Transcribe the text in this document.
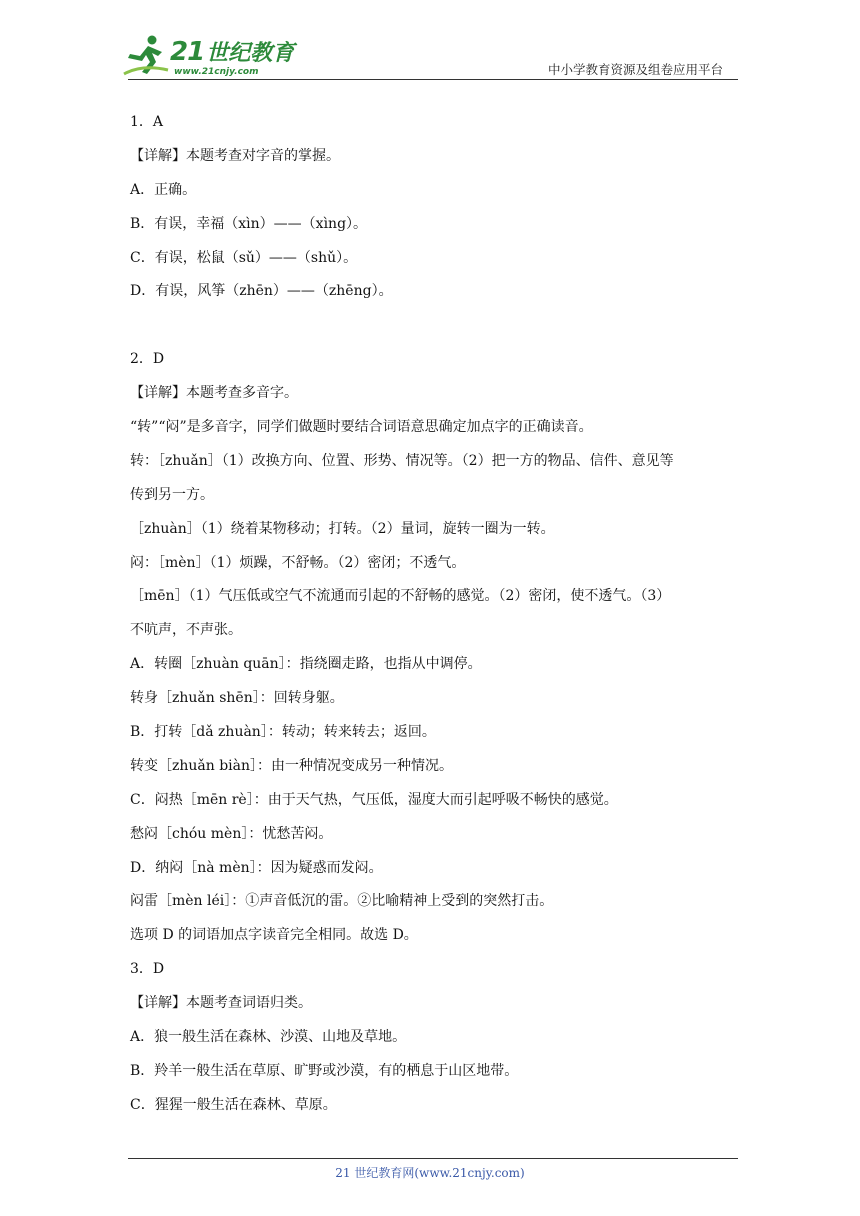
21世纪教育
www.21cnjy.com	中小学教育资源及组卷应用平台
1．A
【详解】本题考查对字音的掌握。
A．正确。
B．有误，幸福（xìn）——（xìng）。
C．有误，松鼠（sǔ）——（shǔ）。
D．有误，风筝（zhēn）——（zhēng）。
2．D
【详解】本题考查多音字。
“转”“闷”是多音字，同学们做题时要结合词语意思确定加点字的正确读音。
转：［zhuǎn］（1）改换方向、位置、形势、情况等。（2）把一方的物品、信件、意见等
传到另一方。
［zhuàn］（1）绕着某物移动；打转。（2）量词，旋转一圈为一转。
闷：［mèn］（1）烦躁，不舒畅。（2）密闭；不透气。
［mēn］（1）气压低或空气不流通而引起的不舒畅的感觉。（2）密闭，使不透气。（3）
不吭声，不声张。
A．转圈［zhuàn quān］：指绕圈走路，也指从中调停。
转身［zhuǎn shēn］：回转身躯。
B．打转［dǎ zhuàn］：转动；转来转去；返回。
转变［zhuǎn biàn］：由一种情况变成另一种情况。
C．闷热［mēn rè］：由于天气热，气压低，湿度大而引起呼吸不畅快的感觉。
愁闷［chóu mèn］：忧愁苦闷。
D．纳闷［nà mèn］：因为疑惑而发闷。
闷雷［mèn léi］：①声音低沉的雷。②比喻精神上受到的突然打击。
选项 D 的词语加点字读音完全相同。故选 D。
3．D
【详解】本题考查词语归类。
A．狼一般生活在森林、沙漠、山地及草地。
B．羚羊一般生活在草原、旷野或沙漠，有的栖息于山区地带。
C．猩猩一般生活在森林、草原。
21 世纪教育网(www.21cnjy.com)
